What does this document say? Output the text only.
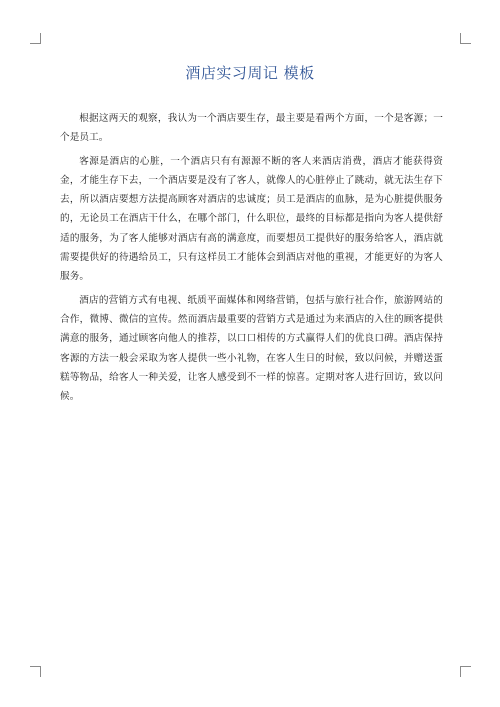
酒店实习周记 模板

根据这两天的观察，我认为一个酒店要生存，最主要是看两个方面，一个是客源；一个是员工。

客源是酒店的心脏，一个酒店只有有源源不断的客人来酒店消费，酒店才能获得资金，才能生存下去，一个酒店要是没有了客人，就像人的心脏停止了跳动，就无法生存下去，所以酒店要想方法提高顾客对酒店的忠诚度；员工是酒店的血脉，是为心脏提供服务的，无论员工在酒店干什么，在哪个部门，什么职位，最终的目标都是指向为客人提供舒适的服务，为了客人能够对酒店有高的满意度，而要想员工提供好的服务给客人，酒店就需要提供好的待遇给员工，只有这样员工才能体会到酒店对他的重视，才能更好的为客人服务。

酒店的营销方式有电视、纸质平面媒体和网络营销，包括与旅行社合作，旅游网站的合作，微博、微信的宣传。然而酒店最重要的营销方式是通过为来酒店的入住的顾客提供满意的服务，通过顾客向他人的推荐，以口口相传的方式赢得人们的优良口碑。酒店保持客源的方法一般会采取为客人提供一些小礼物，在客人生日的时候，致以问候，并赠送蛋糕等物品，给客人一种关爱，让客人感受到不一样的惊喜。定期对客人进行回访，致以问候。
